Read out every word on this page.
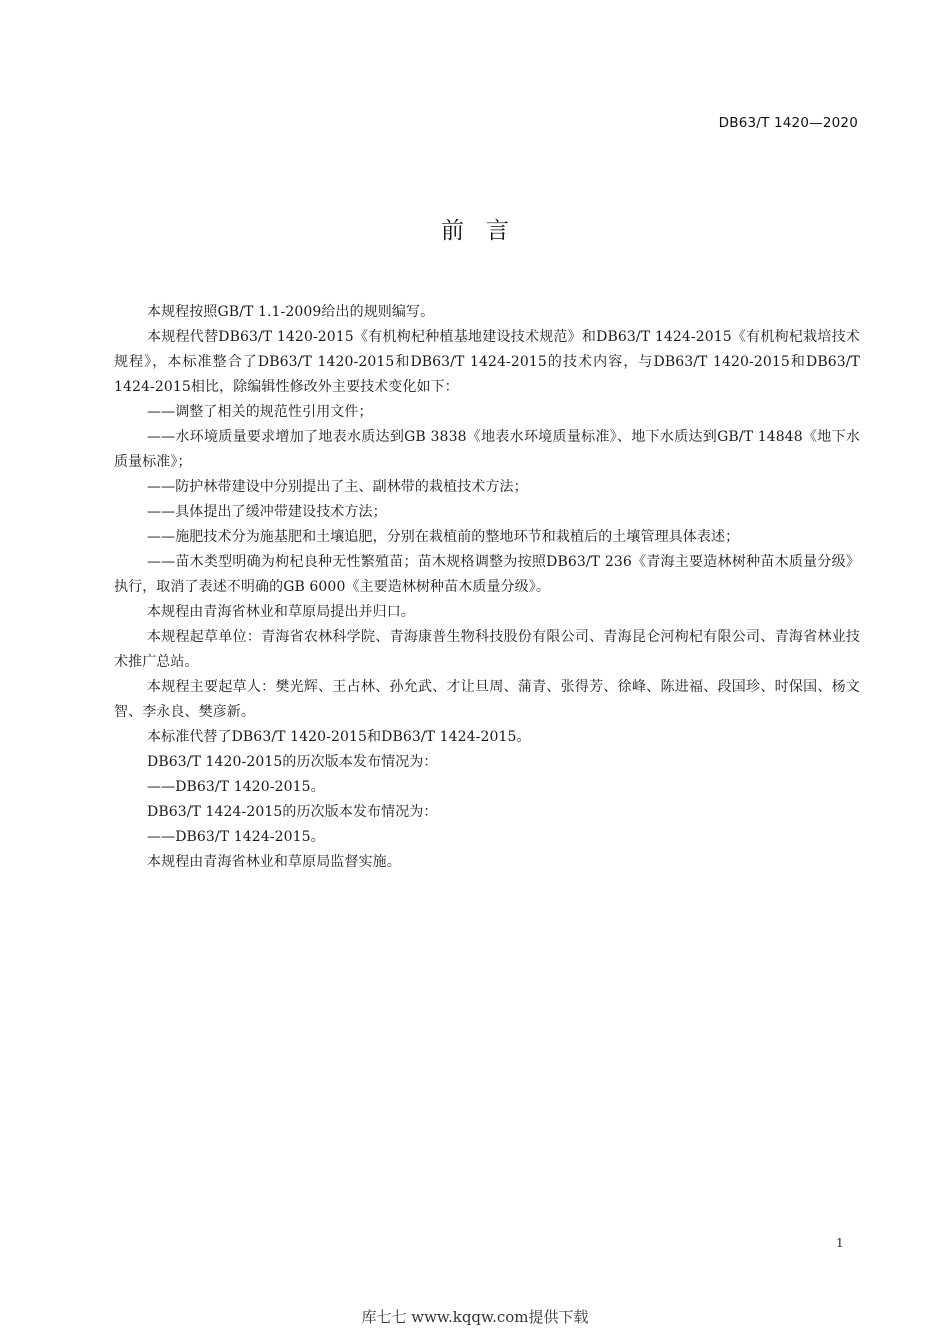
DB63/T 1420—2020
前言

本规程按照GB/T 1.1-2009给出的规则编写。

本规程代替DB63/T 1420-2015《有机枸杞种植基地建设技术规范》和DB63/T 1424-2015《有机枸杞栽培技术规程》，本标准整合了DB63/T 1420-2015和DB63/T 1424-2015的技术内容，与DB63/T 1420-2015和DB63/T 1424-2015相比，除编辑性修改外主要技术变化如下：

——调整了相关的规范性引用文件；

——水环境质量要求增加了地表水质达到GB 3838《地表水环境质量标准》、地下水质达到GB/T 14848《地下水质量标准》；

——防护林带建设中分别提出了主、副林带的栽植技术方法；

——具体提出了缓冲带建设技术方法；

——施肥技术分为施基肥和土壤追肥，分别在栽植前的整地环节和栽植后的土壤管理具体表述；

——苗木类型明确为枸杞良种无性繁殖苗；苗木规格调整为按照DB63/T 236《青海主要造林树种苗木质量分级》执行，取消了表述不明确的GB 6000《主要造林树种苗木质量分级》。

本规程由青海省林业和草原局提出并归口。

本规程起草单位：青海省农林科学院、青海康普生物科技股份有限公司、青海昆仑河枸杞有限公司、青海省林业技术推广总站。

本规程主要起草人：樊光辉、王占林、孙允武、才让旦周、蒲青、张得芳、徐峰、陈进福、段国珍、时保国、杨文智、李永良、樊彦新。

本标准代替了DB63/T 1420-2015和DB63/T 1424-2015。

DB63/T 1420-2015的历次版本发布情况为：

——DB63/T 1420-2015。

DB63/T 1424-2015的历次版本发布情况为：

——DB63/T 1424-2015。

本规程由青海省林业和草原局监督实施。

1
库七七 www.kqqw.com提供下载
